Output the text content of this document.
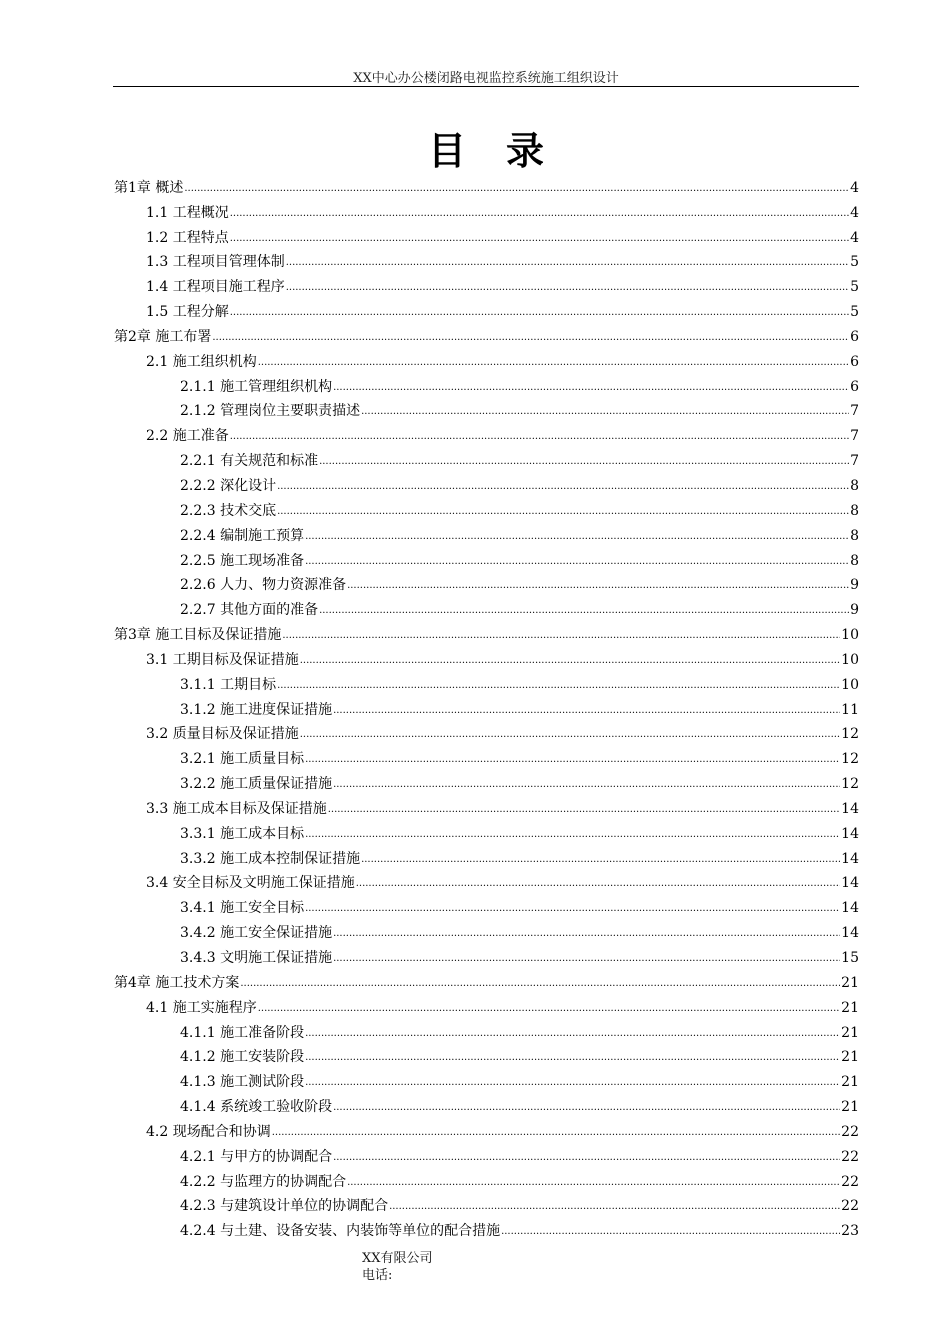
XX中心办公楼闭路电视监控系统施工组织设计
目录
第1章 概述 .....	4
1.1 工程概况 .....	4
1.2 工程特点 .....	4
1.3 工程项目管理体制 .....	5
1.4 工程项目施工程序 .....	5
1.5 工程分解 .....	5
第2章 施工布署 .....	6
2.1 施工组织机构 .....	6
2.1.1 施工管理组织机构 .....	6
2.1.2 管理岗位主要职责描述 .....	7
2.2 施工准备 .....	7
2.2.1 有关规范和标准 .....	7
2.2.2 深化设计 .....	8
2.2.3 技术交底 .....	8
2.2.4 编制施工预算 .....	8
2.2.5 施工现场准备 .....	8
2.2.6 人力、物力资源准备 .....	9
2.2.7 其他方面的准备 .....	9
第3章 施工目标及保证措施 .....	10
3.1 工期目标及保证措施 .....	10
3.1.1 工期目标 .....	10
3.1.2 施工进度保证措施 .....	11
3.2 质量目标及保证措施 .....	12
3.2.1 施工质量目标 .....	12
3.2.2 施工质量保证措施 .....	12
3.3 施工成本目标及保证措施 .....	14
3.3.1 施工成本目标 .....	14
3.3.2 施工成本控制保证措施 .....	14
3.4 安全目标及文明施工保证措施 .....	14
3.4.1 施工安全目标 .....	14
3.4.2 施工安全保证措施 .....	14
3.4.3 文明施工保证措施 .....	15
第4章 施工技术方案 .....	21
4.1 施工实施程序 .....	21
4.1.1 施工准备阶段 .....	21
4.1.2 施工安装阶段 .....	21
4.1.3 施工测试阶段 .....	21
4.1.4 系统竣工验收阶段 .....	21
4.2 现场配合和协调 .....	22
4.2.1 与甲方的协调配合 .....	22
4.2.2 与监理方的协调配合 .....	22
4.2.3 与建筑设计单位的协调配合 .....	22
4.2.4 与土建、设备安装、内装饰等单位的配合措施 .....	23
XX有限公司
电话:
